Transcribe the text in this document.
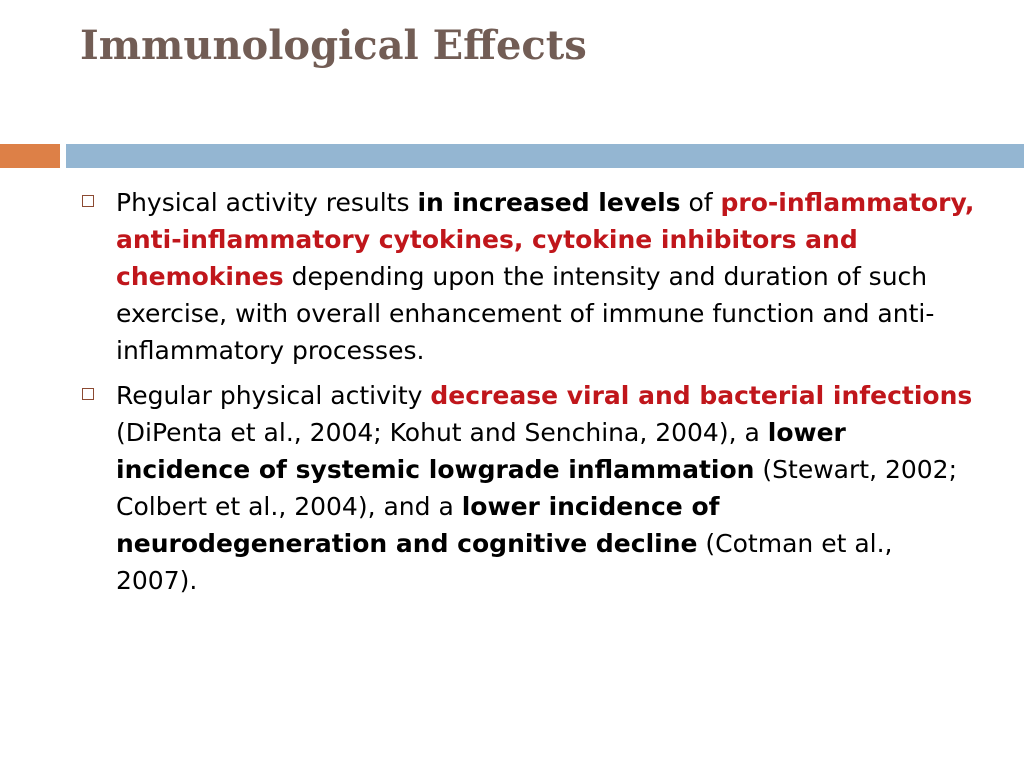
Immunological Effects
Physical activity results in increased levels of pro-inflammatory, anti-inflammatory cytokines, cytokine inhibitors and chemokines depending upon the intensity and duration of such exercise, with overall enhancement of immune function and anti-inflammatory processes.
Regular physical activity decrease viral and bacterial infections (DiPenta et al., 2004; Kohut and Senchina, 2004), a lower incidence of systemic lowgrade inflammation (Stewart, 2002; Colbert et al., 2004), and a lower incidence of neurodegeneration and cognitive decline (Cotman et al., 2007).
